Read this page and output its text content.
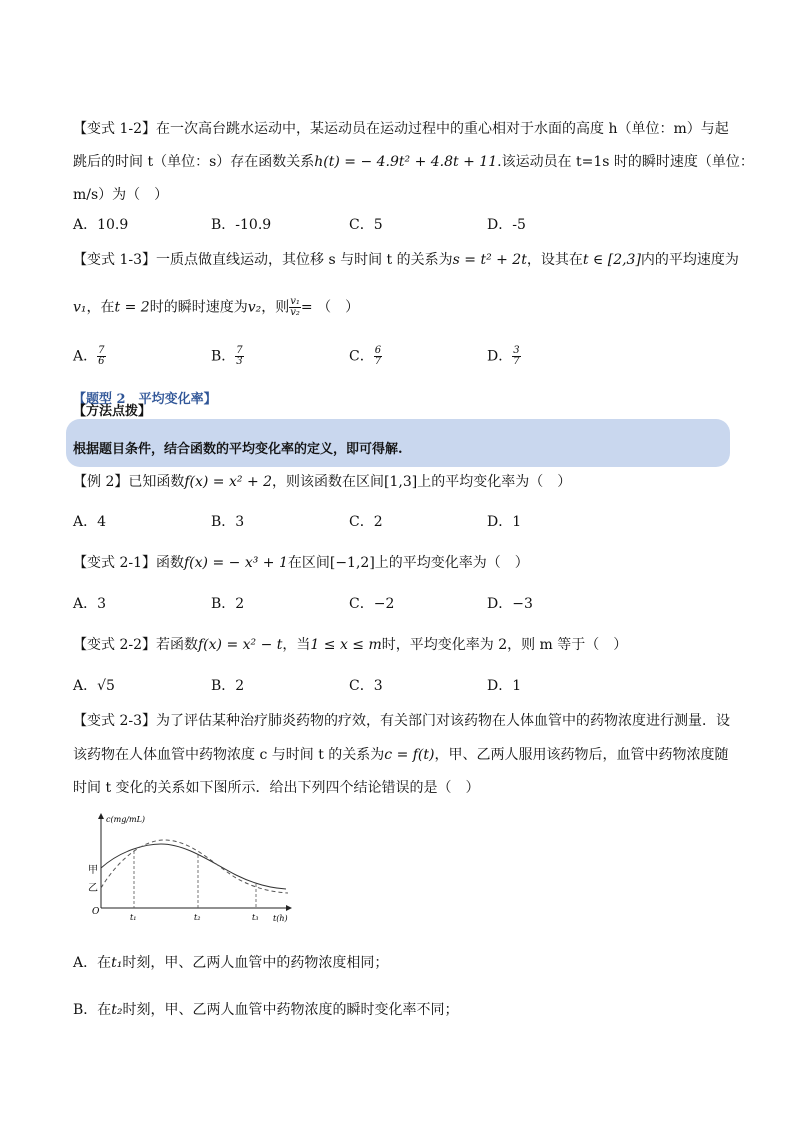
【变式 1-2】在一次高台跳水运动中，某运动员在运动过程中的重心相对于水面的高度 h（单位：m）与起
跳后的时间 t（单位：s）存在函数关系h(t) = − 4.9t² + 4.8t + 11.该运动员在 t=1s 时的瞬时速度（单位：
m/s）为（　）
A．10.9	B．-10.9	C．5	D．-5
【变式 1-3】一质点做直线运动，其位移 s 与时间 t 的关系为s = t² + 2t，设其在t ∈ [2,3]内的平均速度为
v₁，在t = 2时的瞬时速度为v₂，则 $\frac{\text{v₁}}{\text{v₂}}$ = （　）
A． $\frac{7}{6}$	B． $\frac{7}{3}$	C． $\frac{6}{7}$	D． $\frac{3}{7}$
【题型 2　平均变化率】
【方法点拨】
根据题目条件，结合函数的平均变化率的定义，即可得解.
【例 2】已知函数f(x) = x² + 2，则该函数在区间[1,3]上的平均变化率为（　）
A．4	B．3	C．2	D．1
【变式 2-1】函数f(x) = − x³ + 1在区间[−1,2]上的平均变化率为（　）
A．3	B．2	C．−2	D．−3
【变式 2-2】若函数f(x) = x² − t，当1 ≤ x ≤ m时，平均变化率为 2，则 m 等于（　）
A．√5	B．2	C．3	D．1
【变式 2-3】为了评估某种治疗肺炎药物的疗效，有关部门对该药物在人体血管中的药物浓度进行测量．设
该药物在人体血管中药物浓度 c 与时间 t 的关系为c = f(t)，甲、乙两人服用该药物后，血管中药物浓度随
时间 t 变化的关系如下图所示．给出下列四个结论错误的是（　）
c(mg/mL)
t(h)
O
甲
乙
t₁	t₂	t₃
A．在t₁时刻，甲、乙两人血管中的药物浓度相同；
B．在t₂时刻，甲、乙两人血管中药物浓度的瞬时变化率不同；
